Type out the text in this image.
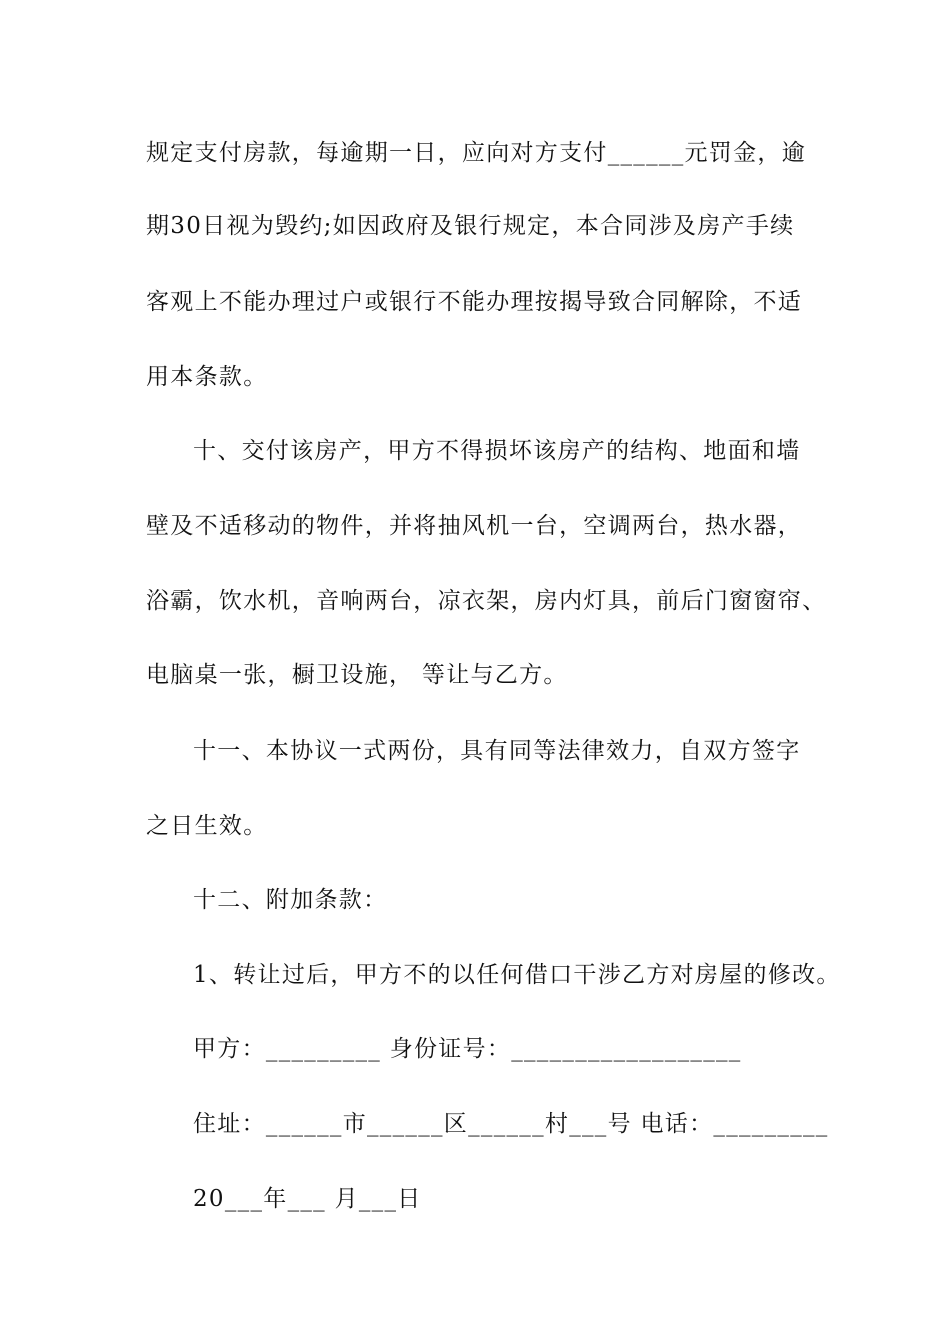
规定支付房款，每逾期一日，应向对方支付______元罚金，逾
期30日视为毁约;如因政府及银行规定，本合同涉及房产手续
客观上不能办理过户或银行不能办理按揭导致合同解除，不适
用本条款。
十、交付该房产，甲方不得损坏该房产的结构、地面和墙
壁及不适移动的物件，并将抽风机一台，空调两台，热水器，
浴霸，饮水机，音响两台，凉衣架，房内灯具，前后门窗窗帘、
电脑桌一张，橱卫设施， 等让与乙方。
十一、本协议一式两份，具有同等法律效力，自双方签字
之日生效。
十二、附加条款：
1、转让过后，甲方不的以任何借口干涉乙方对房屋的修改。
甲方：_________ 身份证号：__________________
住址：______市______区______村___号 电话：_________
20___年___ 月___日
